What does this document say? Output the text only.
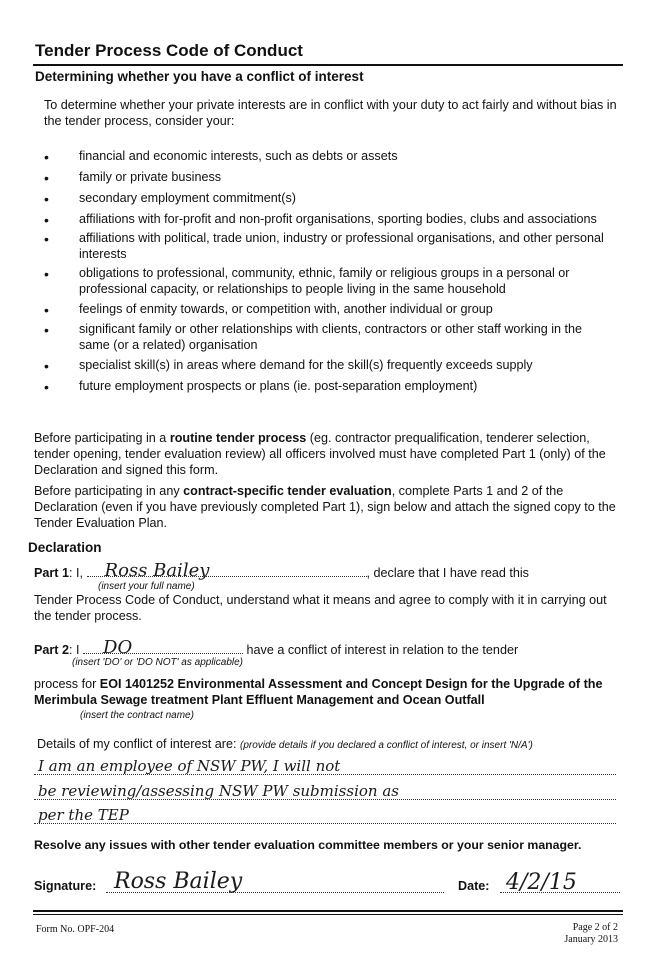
Tender Process Code of Conduct
Determining whether you have a conflict of interest

To determine whether your private interests are in conflict with your duty to act fairly and without bias in the tender process, consider your:

• financial and economic interests, such as debts or assets
• family or private business
• secondary employment commitment(s)
• affiliations with for-profit and non-profit organisations, sporting bodies, clubs and associations
• affiliations with political, trade union, industry or professional organisations, and other personal interests
• obligations to professional, community, ethnic, family or religious groups in a personal or professional capacity, or relationships to people living in the same household
• feelings of enmity towards, or competition with, another individual or group
• significant family or other relationships with clients, contractors or other staff working in the same (or a related) organisation
• specialist skill(s) in areas where demand for the skill(s) frequently exceeds supply
• future employment prospects or plans (ie. post-separation employment)

Before participating in a routine tender process (eg. contractor prequalification, tenderer selection, tender opening, tender evaluation review) all officers involved must have completed Part 1 (only) of the Declaration and signed this form.

Before participating in any contract-specific tender evaluation, complete Parts 1 and 2 of the Declaration (even if you have previously completed Part 1), sign below and attach the signed copy to the Tender Evaluation Plan.

Declaration
Part 1: I, Ross Bailey	, declare that I have read this
(insert your full name)

Tender Process Code of Conduct, understand what it means and agree to comply with it in carrying out the tender process.

Part 2: I DO	have a conflict of interest in relation to the tender
(insert 'DO' or 'DO NOT' as applicable)

process for EOI 1401252 Environmental Assessment and Concept Design for the Upgrade of the Merimbula Sewage treatment Plant Effluent Management and Ocean Outfall

(insert the contract name)
Details of my conflict of interest are: (provide details if you declared a conflict of interest, or insert 'N/A')
I am an employee of NSW PW, I will not
be reviewing/assessing NSW PW submission as
per the TEP

Resolve any issues with other tender evaluation committee members or your senior manager.

Signature: Ross Bailey	Date: 4/2/15
Form No. OPF-204	Page 2 of 2
January 2013
